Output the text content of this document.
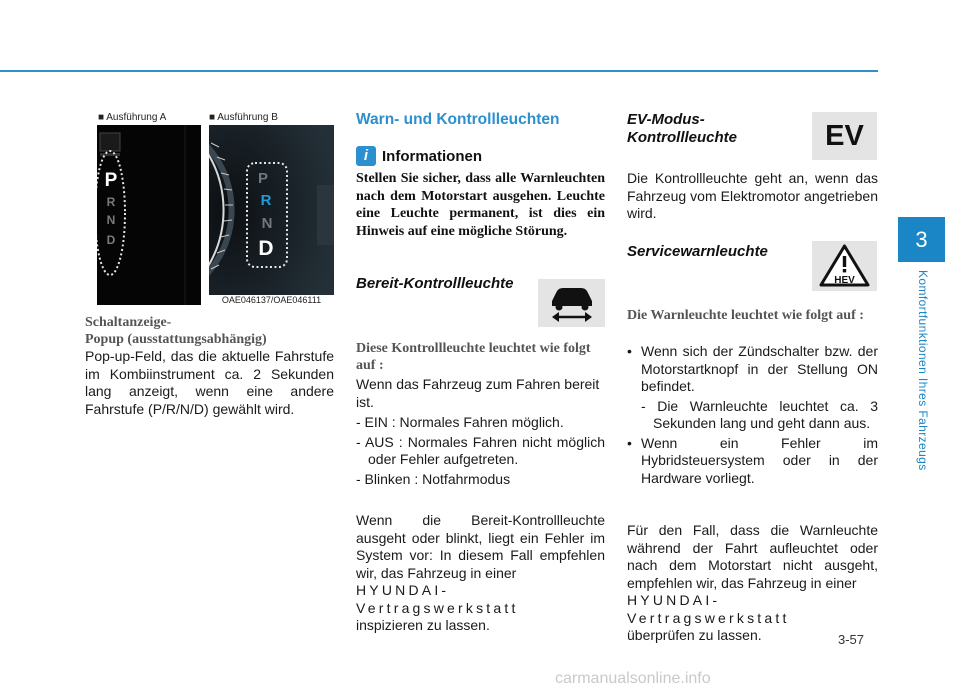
3
Komfortfunktionen Ihres Fahrzeugs
■ Ausführung A	■ Ausführung B
P
R
N
D
P
R
N
D
OAE046137/OAE046111
Schaltanzeige-
Popup (ausstattungsabhängig)
Pop-up-Feld, das die aktuelle Fahrstufe im Kombiinstrument ca. 2 Sekunden lang anzeigt, wenn eine andere Fahrstufe (P/R/N/D) gewählt wird.
Warn- und Kontrollleuchten
i Informationen
Stellen Sie sicher, dass alle Warnleuchten nach dem Motorstart ausgehen. Leuchte eine Leuchte permanent, ist dies ein Hinweis auf eine mögliche Störung.
Bereit-Kontrollleuchte
Diese Kontrollleuchte leuchtet wie folgt auf :
Wenn das Fahrzeug zum Fahren bereit ist.
- EIN : Normales Fahren möglich.
- AUS : Normales Fahren nicht möglich oder Fehler aufgetreten.
- Blinken : Notfahrmodus
Wenn die Bereit-Kontrollleuchte ausgeht oder blinkt, liegt ein Fehler im System vor: In diesem Fall empfehlen wir, das Fahrzeug in einer
HYUNDAI-Vertragswerkstatt
inspizieren zu lassen.
EV-Modus-
Kontrollleuchte	EV
Die Kontrollleuchte geht an, wenn das Fahrzeug vom Elektromotor angetrieben wird.
Servicewarnleuchte
HEV
Die Warnleuchte leuchtet wie folgt auf :
• Wenn sich der Zündschalter bzw. der Motorstartknopf in der Stellung ON befindet.
- Die Warnleuchte leuchtet ca. 3 Sekunden lang und geht dann aus.
• Wenn ein Fehler im Hybridsteuersystem oder in der Hardware vorliegt.
Für den Fall, dass die Warnleuchte während der Fahrt aufleuchtet oder nach dem Motorstart nicht ausgeht, empfehlen wir, das Fahrzeug in einer
HYUNDAI-Vertragswerkstatt
überprüfen zu lassen.	3-57
carmanualsonline.info
